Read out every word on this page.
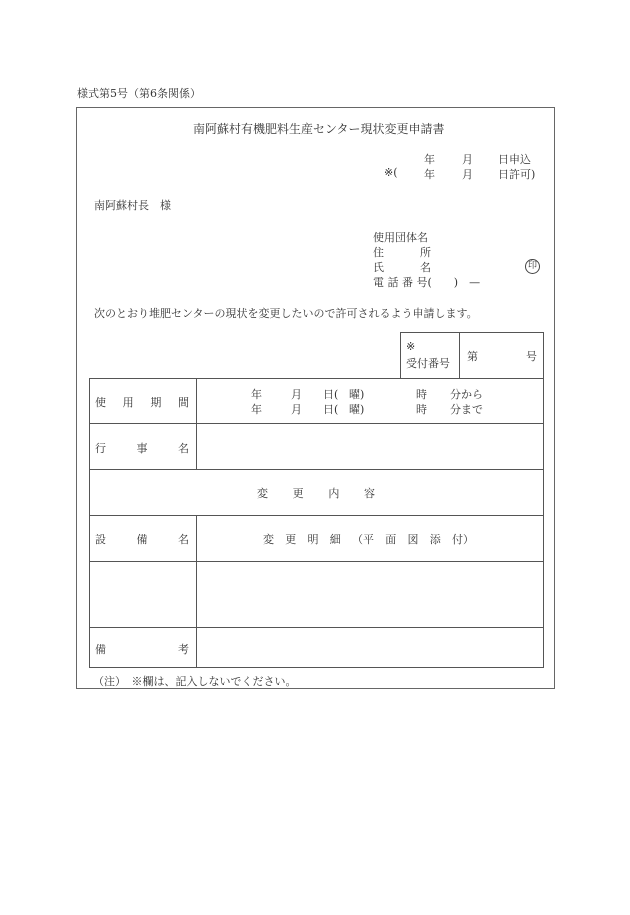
様式第5号（第6条関係）
南阿蘇村有機肥料生産センター現状変更申請書
年 月 日申込
※( 年 月 日許可)
南阿蘇村長　様
使用団体名
住	所
氏	名	印
電 話 番 号(　　)　—
次のとおり堆肥センターの現状を変更したいので許可されるよう申請します。
※
受付番号
第	号
使 用 期 間
年	月 日( 曜)	時 分から
年	月 日( 曜)	時 分まで
行	事	名
変 更 内 容
設	備	名	変 更 明 細 （平 面 図 添 付）
備	考
（注）　※欄は、記入しないでください。
